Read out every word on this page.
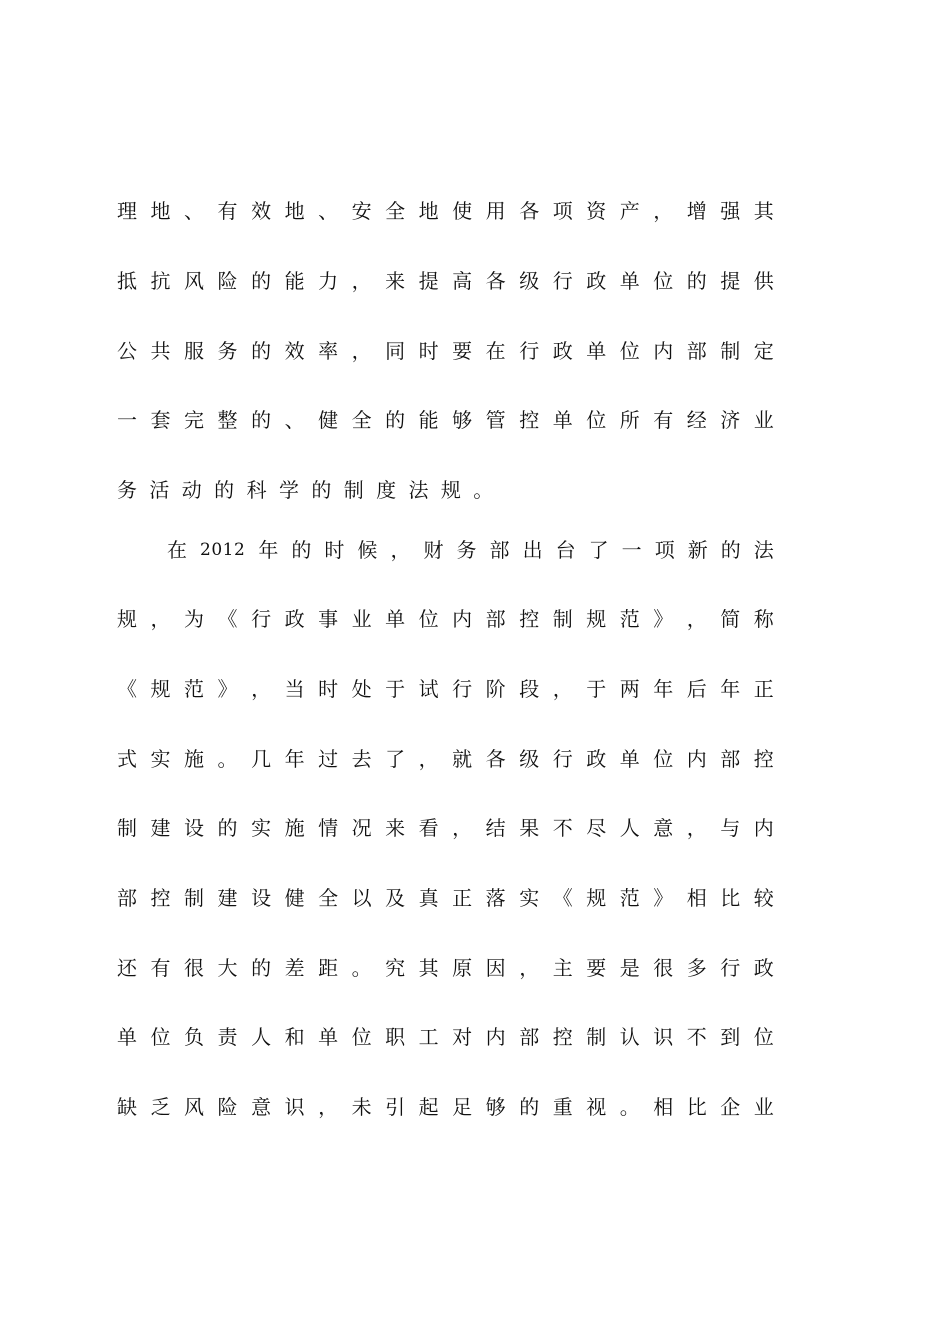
理 地 、 有 效 地 、 安 全 地 使 用 各 项 资 产 ， 增 强 其
抵 抗 风 险 的 能 力 ， 来 提 高 各 级 行 政 单 位 的 提 供
公 共 服 务 的 效 率 ， 同 时 要 在 行 政 单 位 内 部 制 定
一 套 完 整 的 、 健 全 的 能 够 管 控 单 位 所 有 经 济 业
务 活 动 的 科 学 的 制 度 法 规 。
在 2012 年 的 时 候 ， 财 务 部 出 台 了 一 项 新 的 法
规 ， 为 《 行 政 事 业 单 位 内 部 控 制 规 范 》 ， 简 称
《 规 范 》 ， 当 时 处 于 试 行 阶 段 ， 于 两 年 后 年 正
式 实 施 。 几 年 过 去 了 ， 就 各 级 行 政 单 位 内 部 控
制 建 设 的 实 施 情 况 来 看 ， 结 果 不 尽 人 意 ， 与 内
部 控 制 建 设 健 全 以 及 真 正 落 实 《 规 范 》 相 比 较
还 有 很 大 的 差 距 。 究 其 原 因 ， 主 要 是 很 多 行 政
单 位 负 责 人 和 单 位 职 工 对 内 部 控 制 认 识 不 到 位
缺 乏 风 险 意 识 ， 未 引 起 足 够 的 重 视 。 相 比 企 业
